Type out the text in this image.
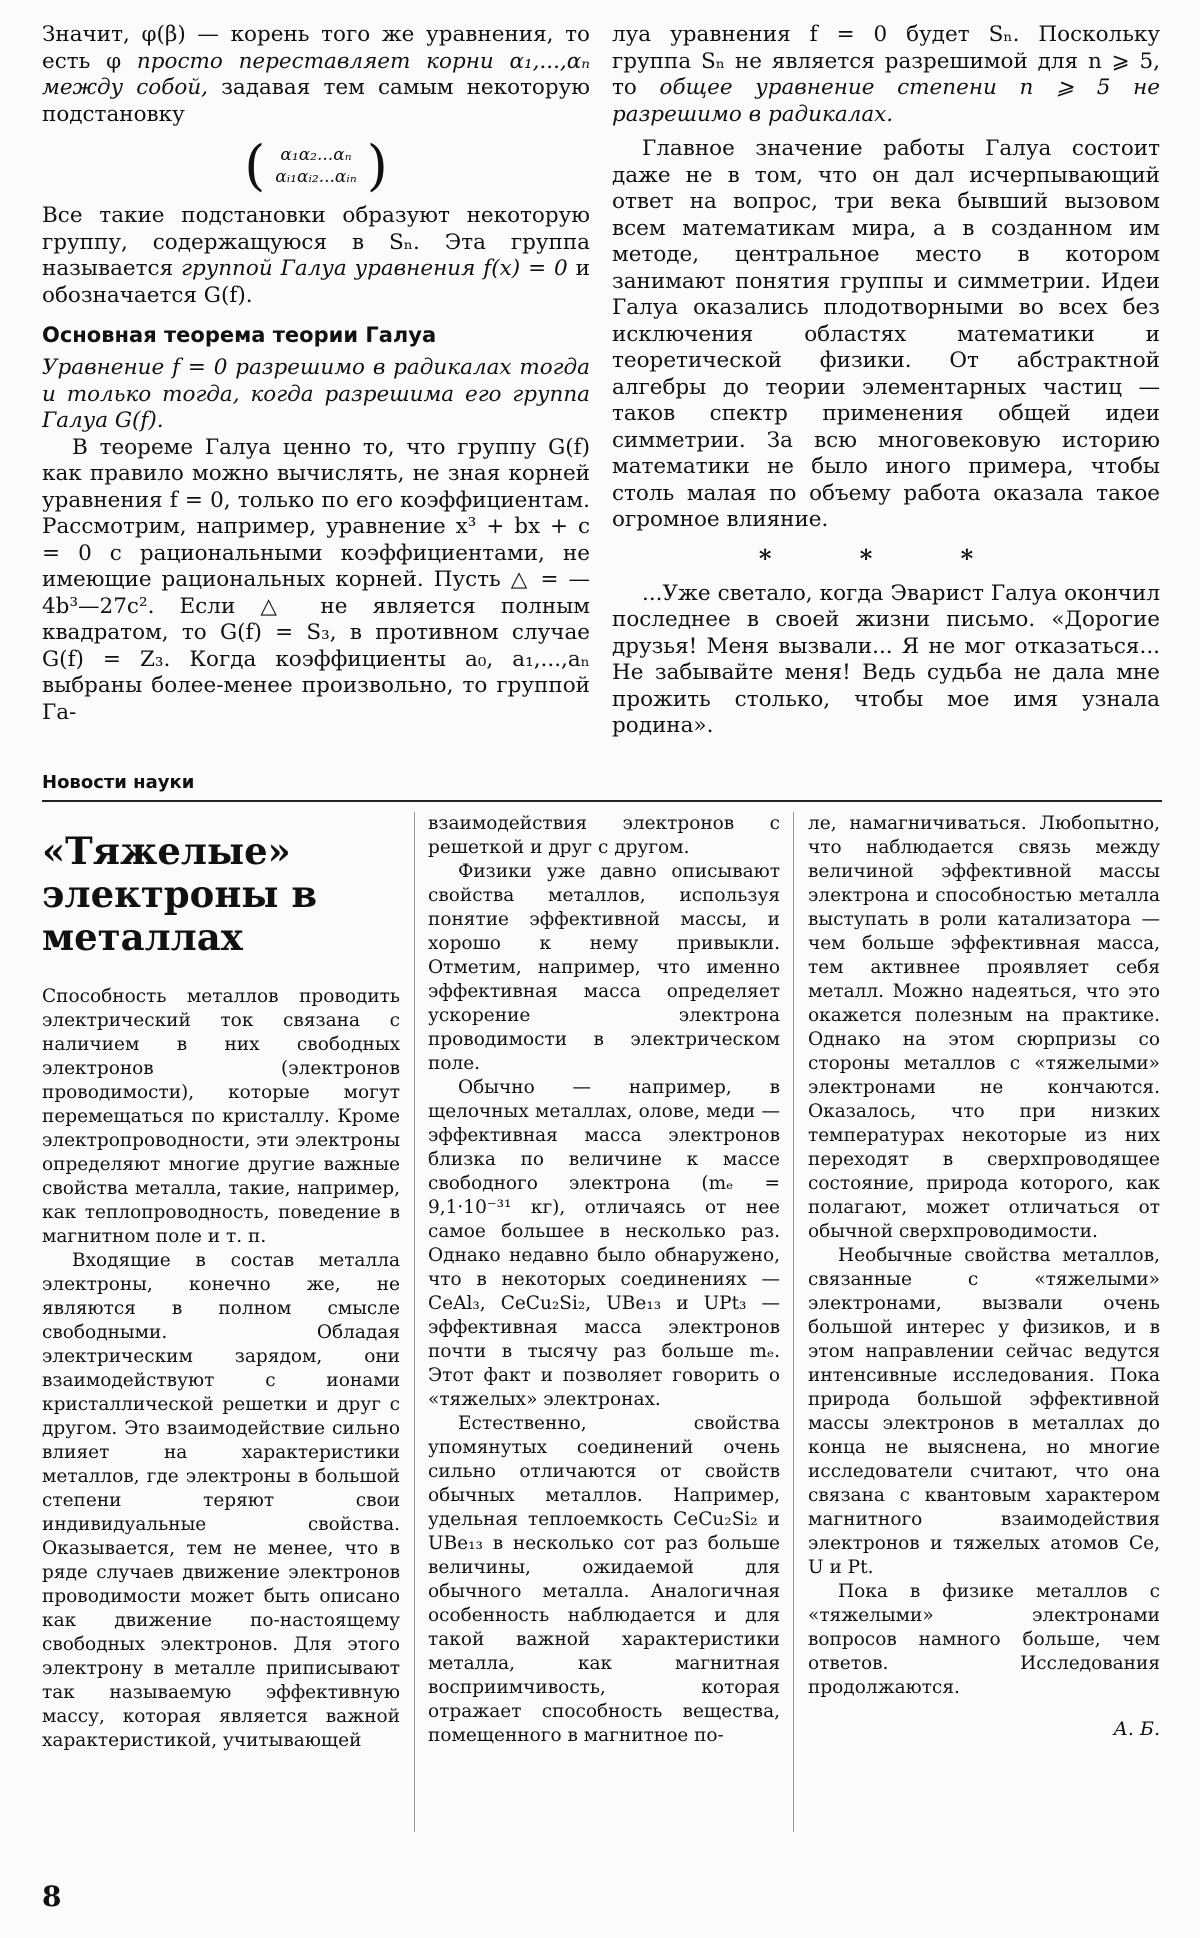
Значит, φ(β) — корень того же уравнения, то есть φ просто переставляет корни α₁,...,αₙ между собой, задавая тем самым некоторую подстановку

( α₁α₂...αₙ
αᵢ₁αᵢ₂...αᵢₙ )

Все такие подстановки образуют некоторую группу, содержащуюся в Sₙ. Эта группа называется группой Галуа уравнения f(x) = 0 и обозначается G(f).

Основная теорема теории Галуа

Уравнение f = 0 разрешимо в радикалах тогда и только тогда, когда разрешима его группа Галуа G(f).

В теореме Галуа ценно то, что группу G(f) как правило можно вычислять, не зная корней уравнения f = 0, только по его коэффициентам. Рассмотрим, например, уравнение x³ + bx + c = 0 с рациональными коэффициентами, не имеющие рациональных корней. Пусть △ = —4b³—27c². Если △ не является полным квадратом, то G(f) = S₃, в противном случае G(f) = Z₃. Когда коэффициенты a₀, a₁,...,aₙ выбраны более-менее произвольно, то группой Га-

луа уравнения f = 0 будет Sₙ. Поскольку группа Sₙ не является разрешимой для n ⩾ 5, то общее уравнение степени n ⩾ 5 не разрешимо в радикалах.

Главное значение работы Галуа состоит даже не в том, что он дал исчерпывающий ответ на вопрос, три века бывший вызовом всем математикам мира, а в созданном им методе, центральное место в котором занимают понятия группы и симметрии. Идеи Галуа оказались плодотворными во всех без исключения областях математики и теоретической физики. От абстрактной алгебры до теории элементарных частиц — таков спектр применения общей идеи симметрии. За всю многовековую историю математики не было иного примера, чтобы столь малая по объему работа оказала такое огромное влияние.

* * *

...Уже светало, когда Эварист Галуа окончил последнее в своей жизни письмо. «Дорогие друзья! Меня вызвали... Я не мог отказаться... Не забывайте меня! Ведь судьба не дала мне прожить столько, чтобы мое имя узнала родина».

Новости науки
«Тяжелые» электроны в металлах

Способность металлов проводить электрический ток связана с наличием в них свободных электронов (электронов проводимости), которые могут перемещаться по кристаллу. Кроме электропроводности, эти электроны определяют многие другие важные свойства металла, такие, например, как теплопроводность, поведение в магнитном поле и т. п.

Входящие в состав металла электроны, конечно же, не являются в полном смысле свободными. Обладая электрическим зарядом, они взаимодействуют с ионами кристаллической решетки и друг с другом. Это взаимодействие сильно влияет на характеристики металлов, где электроны в большой степени теряют свои индивидуальные свойства. Оказывается, тем не менее, что в ряде случаев движение электронов проводимости может быть описано как движение по-настоящему свободных электронов. Для этого электрону в металле приписывают так называемую эффективную массу, которая является важной характеристикой, учитывающей

взаимодействия электронов с решеткой и друг с другом.

Физики уже давно описывают свойства металлов, используя понятие эффективной массы, и хорошо к нему привыкли. Отметим, например, что именно эффективная масса определяет ускорение электрона проводимости в электрическом поле.

Обычно — например, в щелочных металлах, олове, меди — эффективная масса электронов близка по величине к массе свободного электрона (mₑ = 9,1·10⁻³¹ кг), отличаясь от нее самое большее в несколько раз. Однако недавно было обнаружено, что в некоторых соединениях — CeAl₃, CeCu₂Si₂, UBe₁₃ и UPt₃ — эффективная масса электронов почти в тысячу раз больше mₑ. Этот факт и позволяет говорить о «тяжелых» электронах.

Естественно, свойства упомянутых соединений очень сильно отличаются от свойств обычных металлов. Например, удельная теплоемкость CeCu₂Si₂ и UBe₁₃ в несколько сот раз больше величины, ожидаемой для обычного металла. Аналогичная особенность наблюдается и для такой важной характеристики металла, как магнитная восприимчивость, которая отражает способность вещества, помещенного в магнитное по-

ле, намагничиваться. Любопытно, что наблюдается связь между величиной эффективной массы электрона и способностью металла выступать в роли катализатора — чем больше эффективная масса, тем активнее проявляет себя металл. Можно надеяться, что это окажется полезным на практике. Однако на этом сюрпризы со стороны металлов с «тяжелыми» электронами не кончаются. Оказалось, что при низких температурах некоторые из них переходят в сверхпроводящее состояние, природа которого, как полагают, может отличаться от обычной сверхпроводимости.

Необычные свойства металлов, связанные с «тяжелыми» электронами, вызвали очень большой интерес у физиков, и в этом направлении сейчас ведутся интенсивные исследования. Пока природа большой эффективной массы электронов в металлах до конца не выяснена, но многие исследователи считают, что она связана с квантовым характером магнитного взаимодействия электронов и тяжелых атомов Ce, U и Pt.

Пока в физике металлов с «тяжелыми» электронами вопросов намного больше, чем ответов. Исследования продолжаются.

А. Б.
8
